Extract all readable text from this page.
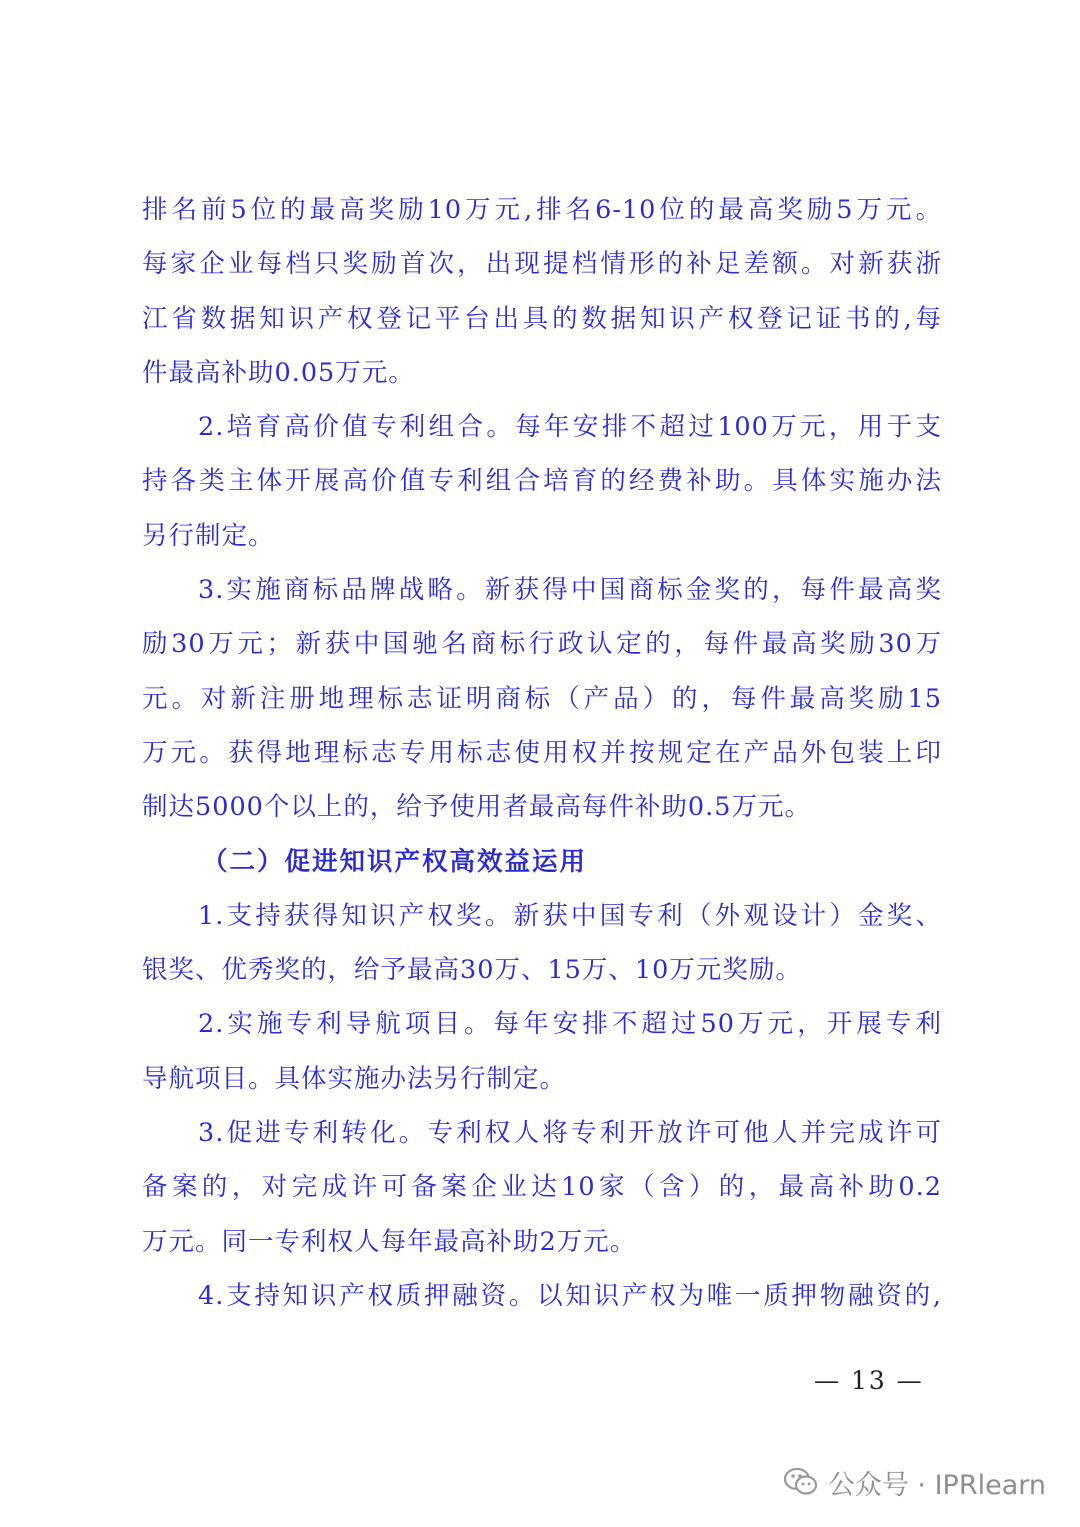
排名前5位的最高奖励10万元,排名6-10位的最高奖励5万元。
每家企业每档只奖励首次，出现提档情形的补足差额。对新获浙
江省数据知识产权登记平台出具的数据知识产权登记证书的,每
件最高补助0.05万元。
2.培育高价值专利组合。每年安排不超过100万元，用于支
持各类主体开展高价值专利组合培育的经费补助。具体实施办法
另行制定。
3.实施商标品牌战略。新获得中国商标金奖的，每件最高奖
励30万元；新获中国驰名商标行政认定的，每件最高奖励30万
元。对新注册地理标志证明商标（产品）的，每件最高奖励15
万元。获得地理标志专用标志使用权并按规定在产品外包装上印
制达5000个以上的，给予使用者最高每件补助0.5万元。
（二）促进知识产权高效益运用
1.支持获得知识产权奖。新获中国专利（外观设计）金奖、
银奖、优秀奖的，给予最高30万、15万、10万元奖励。
2.实施专利导航项目。每年安排不超过50万元，开展专利
导航项目。具体实施办法另行制定。
3.促进专利转化。专利权人将专利开放许可他人并完成许可
备案的，对完成许可备案企业达10家（含）的，最高补助0.2
万元。同一专利权人每年最高补助2万元。
4.支持知识产权质押融资。以知识产权为唯一质押物融资的,
— 13 —
公众号 · IPRlearn
